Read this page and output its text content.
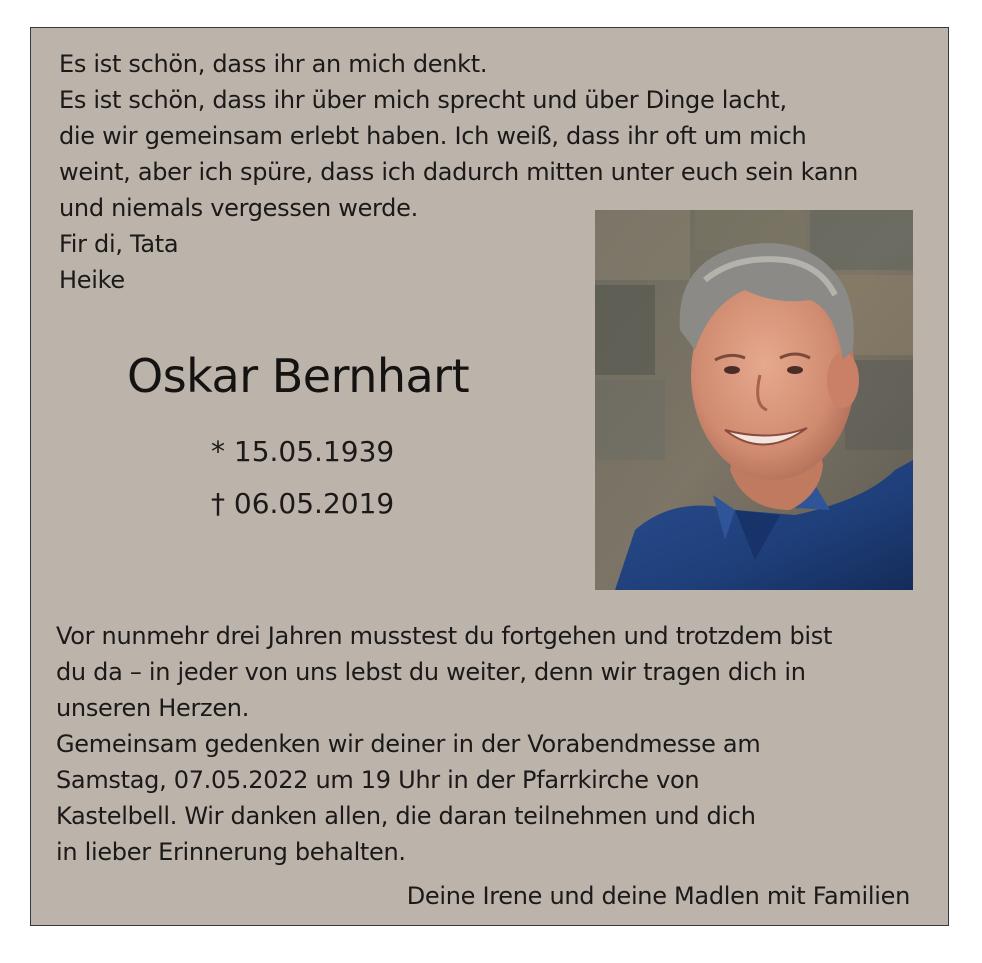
Es ist schön, dass ihr an mich denkt.
Es ist schön, dass ihr über mich sprecht und über Dinge lacht,
die wir gemeinsam erlebt haben. Ich weiß, dass ihr oft um mich
weint, aber ich spüre, dass ich dadurch mitten unter euch sein kann
und niemals vergessen werde.
Fir di, Tata
Heike
Oskar Bernhart
* 15.05.1939
† 06.05.2019
Vor nunmehr drei Jahren musstest du fortgehen und trotzdem bist
du da – in jeder von uns lebst du weiter, denn wir tragen dich in
unseren Herzen.
Gemeinsam gedenken wir deiner in der Vorabendmesse am
Samstag, 07.05.2022 um 19 Uhr in der Pfarrkirche von
Kastelbell. Wir danken allen, die daran teilnehmen und dich
in lieber Erinnerung behalten.
Deine Irene und deine Madlen mit Familien
